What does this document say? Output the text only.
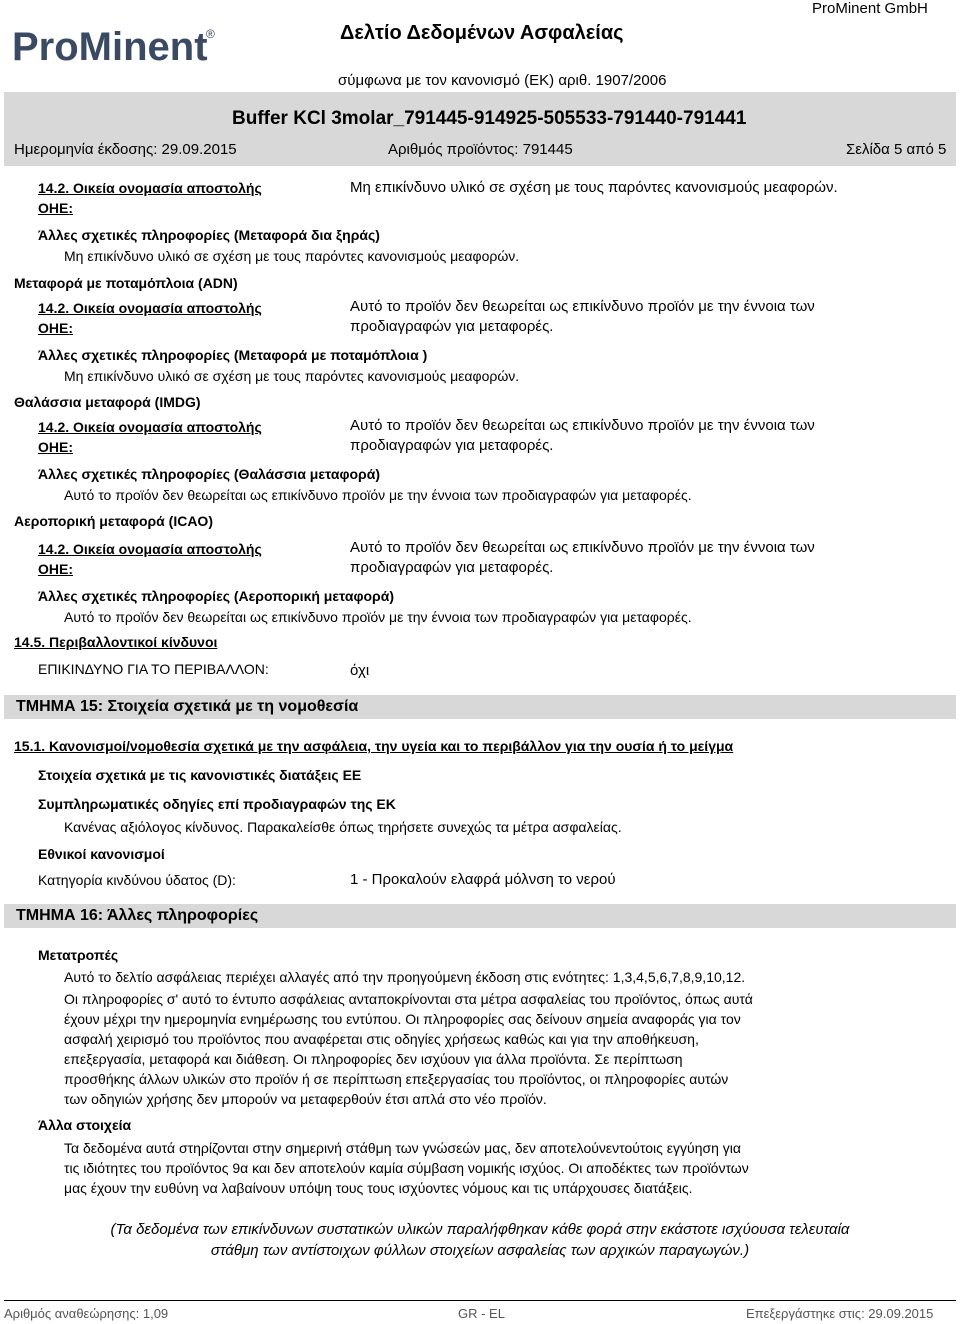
ProMinent
®	Δελτίο Δεδομένων Ασφαλείας
ProMinent GmbH
σύμφωνα με τον κανονισμό (ΕΚ) αριθ. 1907/2006
Buffer KCl 3molar_791445-914925-505533-791440-791441
Ημερομηνία έκδοσης: 29.09.2015	Αριθμός προϊόντος: 791445	Σελίδα 5 από 5
14.2. Οικεία ονομασία αποστολής
ΟΗΕ:
Μη επικίνδυνο υλικό σε σχέση με τους παρόντες κανονισμούς μεαφορών.
Άλλες σχετικές πληροφορίες (Μεταφορά δια ξηράς)
Μη επικίνδυνο υλικό σε σχέση με τους παρόντες κανονισμούς μεαφορών.
Μεταφορά με ποταμόπλοια (ADN)
14.2. Οικεία ονομασία αποστολής
ΟΗΕ:
Αυτό το προϊόν δεν θεωρείται ως επικίνδυνο προϊόν με την έννοια των
προδιαγραφών για μεταφορές.
Άλλες σχετικές πληροφορίες (Μεταφορά με ποταμόπλοια )
Μη επικίνδυνο υλικό σε σχέση με τους παρόντες κανονισμούς μεαφορών.
Θαλάσσια μεταφορά (IMDG)
14.2. Οικεία ονομασία αποστολής
ΟΗΕ:
Αυτό το προϊόν δεν θεωρείται ως επικίνδυνο προϊόν με την έννοια των
προδιαγραφών για μεταφορές.
Άλλες σχετικές πληροφορίες (Θαλάσσια μεταφορά)
Αυτό το προϊόν δεν θεωρείται ως επικίνδυνο προϊόν με την έννοια των προδιαγραφών για μεταφορές.
Αεροπορική μεταφορά (ICAO)
14.2. Οικεία ονομασία αποστολής
ΟΗΕ:
Αυτό το προϊόν δεν θεωρείται ως επικίνδυνο προϊόν με την έννοια των
προδιαγραφών για μεταφορές.
Άλλες σχετικές πληροφορίες (Αεροπορική μεταφορά)
Αυτό το προϊόν δεν θεωρείται ως επικίνδυνο προϊόν με την έννοια των προδιαγραφών για μεταφορές.
14.5. Περιβαλλοντικοί κίνδυνοι
ΕΠΙΚΙΝΔΥΝΟ ΓΙΑ ΤΟ ΠΕΡΙΒΑΛΛΟΝ:	όχι
ΤΜΗΜΑ 15: Στοιχεία σχετικά με τη νομοθεσία
15.1. Κανονισμοί/νομοθεσία σχετικά με την ασφάλεια, την υγεία και το περιβάλλον για την ουσία ή το μείγμα
Στοιχεία σχετικά με τις κανονιστικές διατάξεις ΕΕ
Συμπληρωματικές οδηγίες επί προδιαγραφών της ΕΚ
Κανένας αξιόλογος κίνδυνος. Παρακαλείσθε όπως τηρήσετε συνεχώς τα μέτρα ασφαλείας.
Εθνικοί κανονισμοί
Κατηγορία κινδύνου ύδατος (D):	1 - Προκαλούν ελαφρά μόλνση το νερού
ΤΜΗΜΑ 16: Άλλες πληροφορίες
Μετατροπές
Αυτό το δελτίο ασφάλειας περιέχει αλλαγές από την προηγούμενη έκδοση στις ενότητες: 1,3,4,5,6,7,8,9,10,12.
Οι πληροφορίες σ' αυτό το έντυπο ασφάλειας ανταποκρίνονται στα μέτρα ασφαλείας του προϊόντος, όπως αυτά
έχουν μέχρι την ημερομηνία ενημέρωσης του εντύπου. Οι πληροφορίες σας δείνουν σημεία αναφοράς για τον
ασφαλή χειρισμό του προϊόντος που αναφέρεται στις οδηγίες χρήσεως καθώς και για την αποθήκευση,
επεξεργασία, μεταφορά και διάθεση. Οι πληροφορίες δεν ισχύουν για άλλα προϊόντα. Σε περίπτωση
προσθήκης άλλων υλικών στο προϊόν ή σε περίπτωση επεξεργασίας του προϊόντος, οι πληροφορίες αυτών
των οδηγιών χρήσης δεν μπορούν να μεταφερθούν έτσι απλά στο νέο προϊόν.
Άλλα στοιχεία
Τα δεδομένα αυτά στηρίζονται στην σημερινή στάθμη των γνώσεών μας, δεν αποτελούνεντούτοις εγγύηση για
τις ιδιότητες του προϊόντος 9α και δεν αποτελούν καμία σύμβαση νομικής ισχύος. Οι αποδέκτες των προϊόντων
μας έχουν την ευθύνη να λαβαίνουν υπόψη τους τους ισχύοντες νόμους και τις υπάρχουσες διατάξεις.
(Τα δεδομένα των επικίνδυνων συστατικών υλικών παραλήφθηκαν κάθε φορά στην εκάστοτε ισχύουσα τελευταία
στάθμη των αντίστοιχων φύλλων στοιχείων ασφαλείας των αρχικών παραγωγών.)
Αριθμός αναθεώρησης: 1,09	GR - EL	Επεξεργάστηκε στις: 29.09.2015
